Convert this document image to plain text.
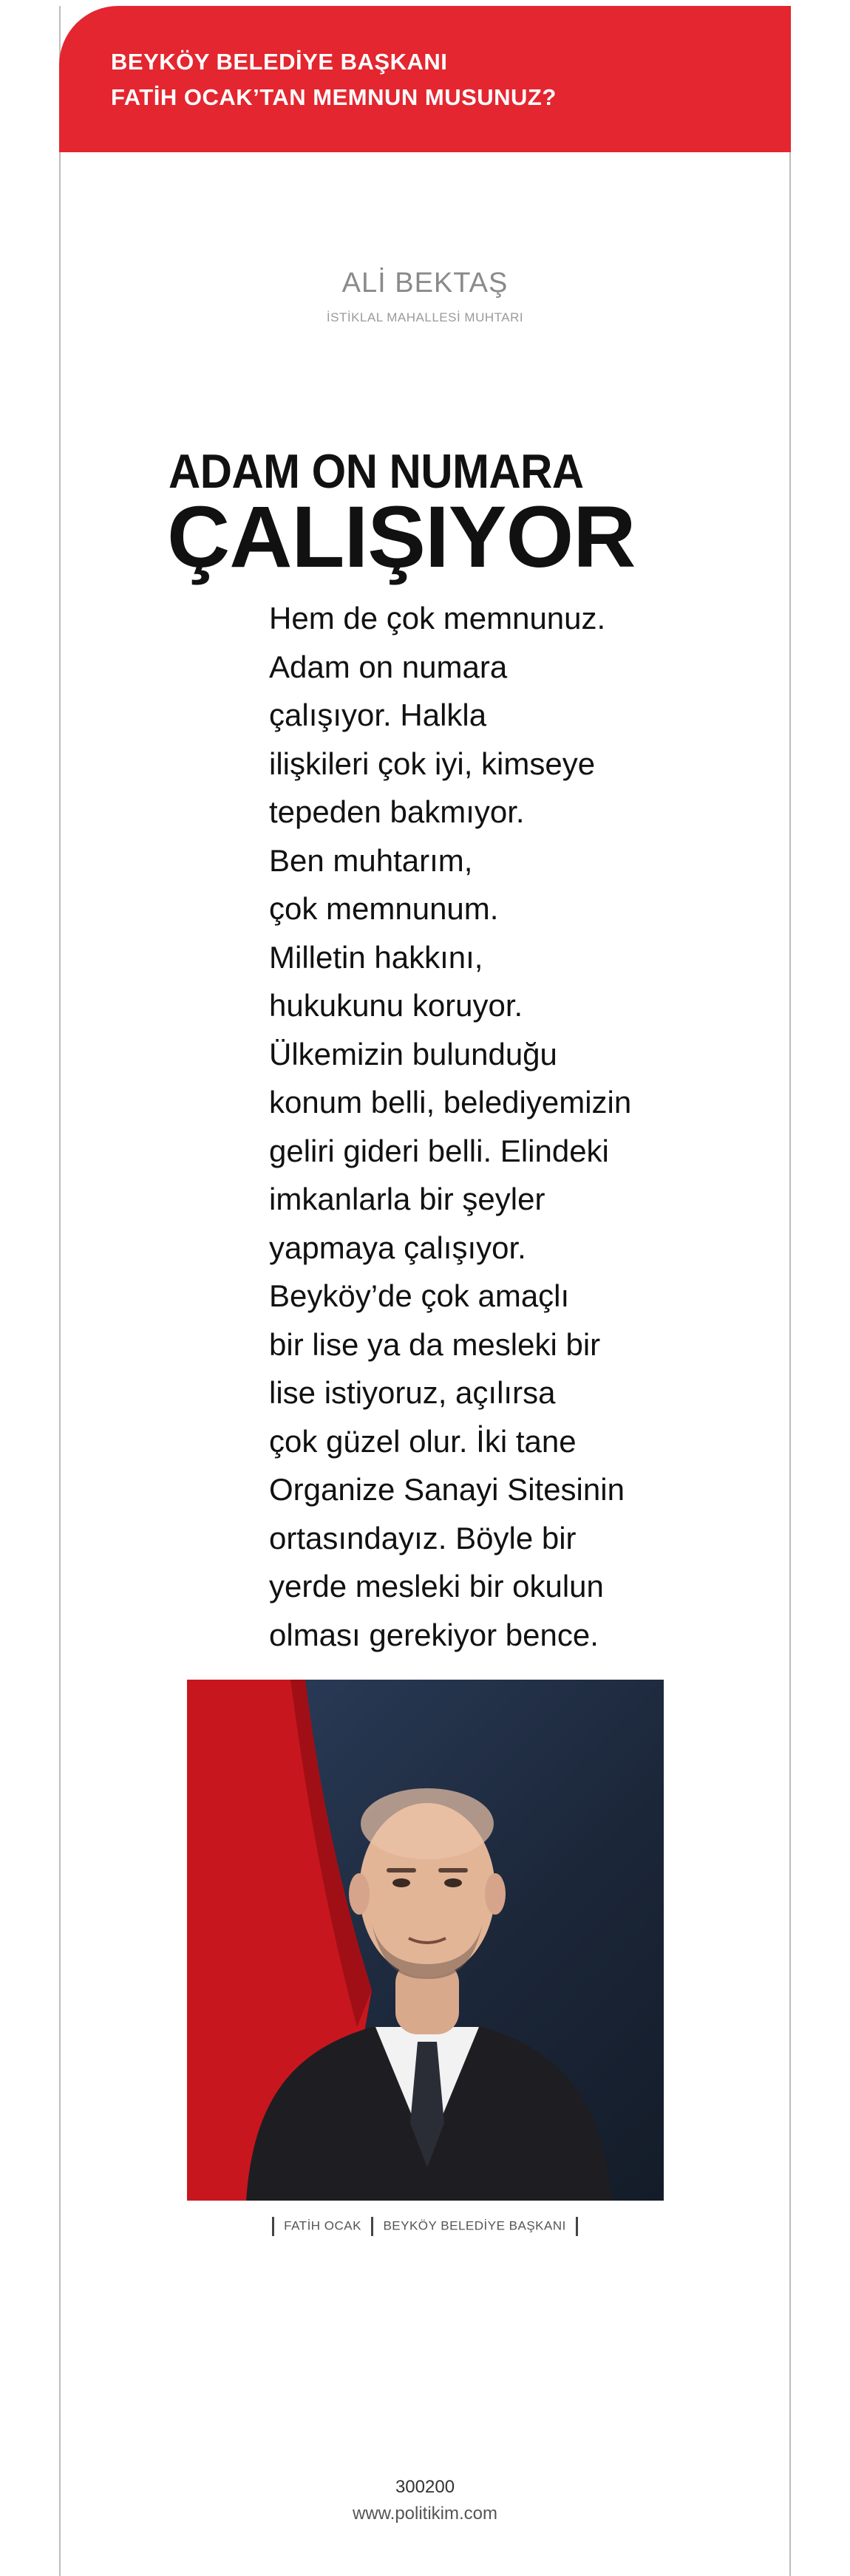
BEYKÖY BELEDİYE BAŞKANI
FATİH OCAK’TAN MEMNUN MUSUNUZ?
ALİ BEKTAŞ
İSTİKLAL MAHALLESİ MUHTARI
ADAM ON NUMARA
ÇALIŞIYOR

Hem de çok memnunuz.
Adam on numara
çalışıyor. Halkla
ilişkileri çok iyi, kimseye
tepeden bakmıyor.
Ben muhtarım,
çok memnunum.
Milletin hakkını,
hukukunu koruyor.
Ülkemizin bulunduğu
konum belli, belediyemizin
geliri gideri belli. Elindeki
imkanlarla bir şeyler
yapmaya çalışıyor.
Beyköy’de çok amaçlı
bir lise ya da mesleki bir
lise istiyoruz, açılırsa
çok güzel olur. İki tane
Organize Sanayi Sitesinin
ortasındayız. Böyle bir
yerde mesleki bir okulun
olması gerekiyor bence.

FATİH OCAK BEYKÖY BELEDİYE BAŞKANI
300200
www.politikim.com
